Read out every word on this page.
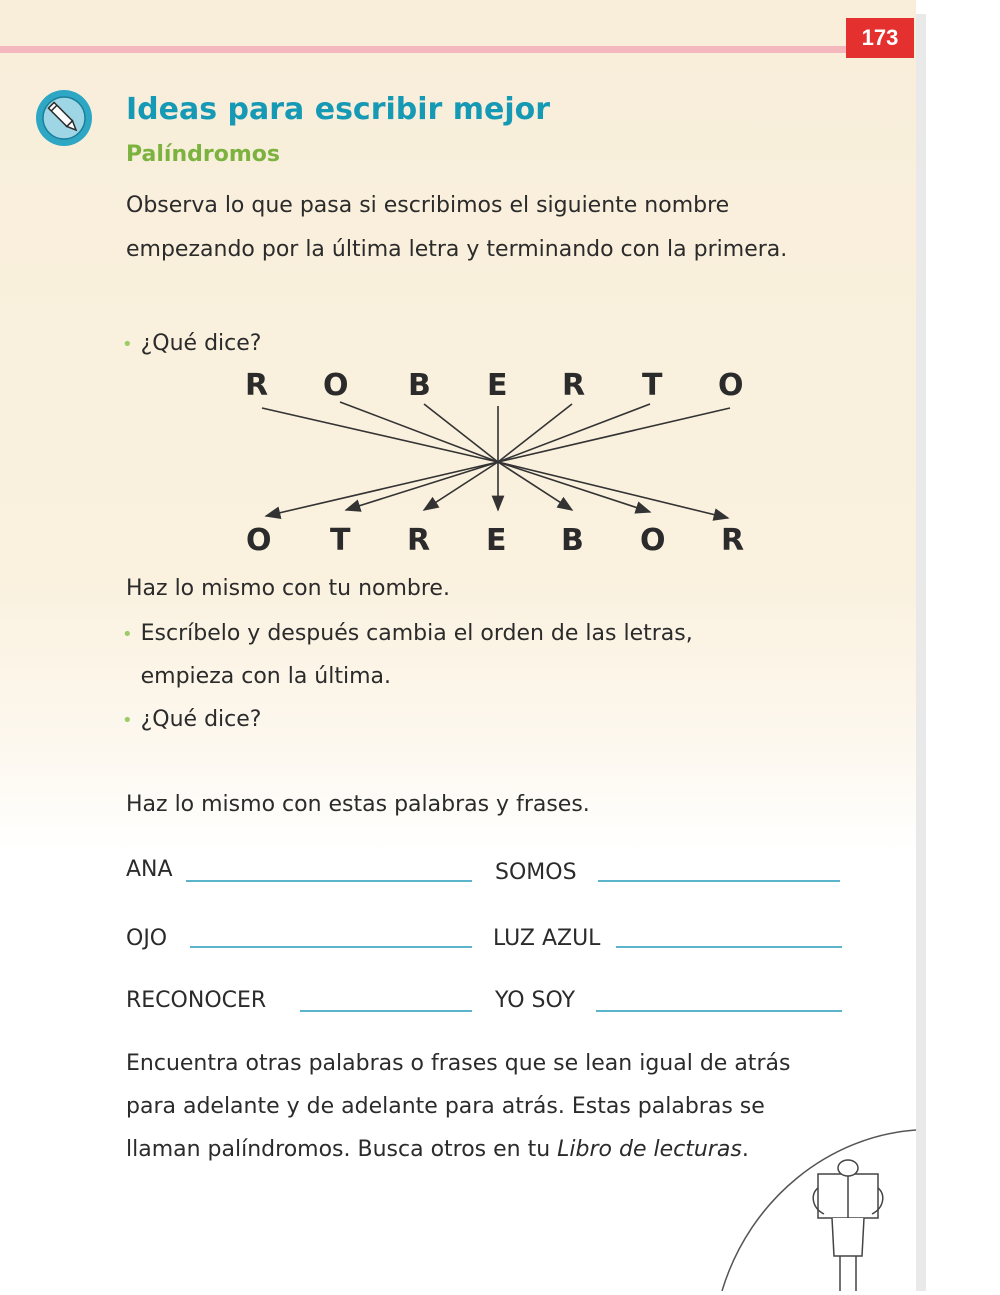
173
Ideas para escribir mejor
Palíndromos

Observa lo que pasa si escribimos el siguiente nombre empezando por la última letra y terminando con la primera.

• ¿Qué dice?
R O B E R T O
O T R E B O R

Haz lo mismo con tu nombre.

• Escríbelo y después cambia el orden de las letras, empieza con la última.
• ¿Qué dice?

Haz lo mismo con estas palabras y frases.

ANA	SOMOS
OJO	LUZ AZUL
RECONOCER	YO SOY

Encuentra otras palabras o frases que se lean igual de atrás para adelante y de adelante para atrás. Estas palabras se llaman palíndromos. Busca otros en tu Libro de lecturas.
